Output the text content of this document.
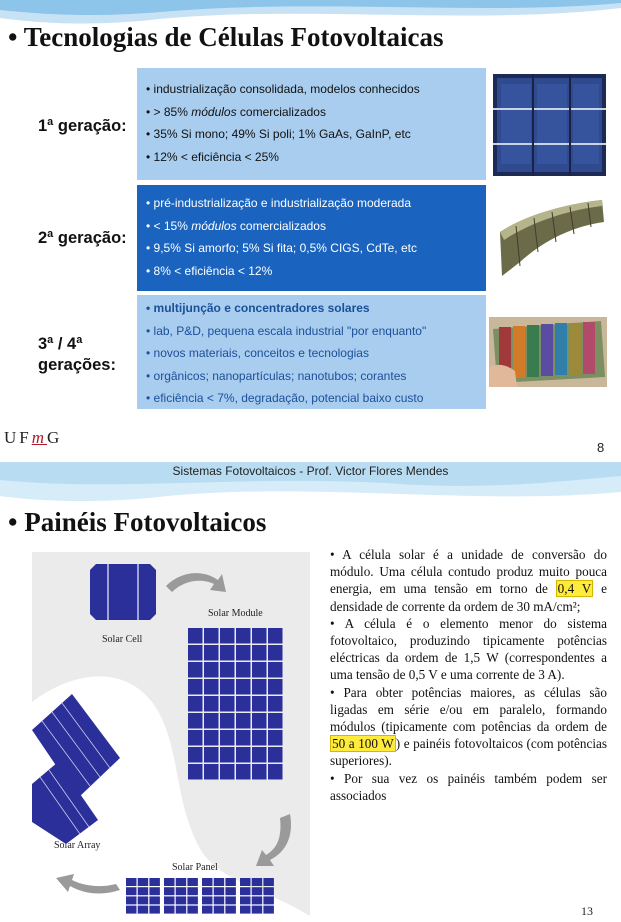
• Tecnologias de Células Fotovoltaicas
1ª geração:
• industrialização consolidada, modelos conhecidos
• > 85% módulos comercializados
• 35% Si mono; 49% Si poli; 1% GaAs, GaInP, etc
• 12% < eficiência < 25%
2ª geração:
• pré-industrialização e industrialização moderada
• < 15% módulos comercializados
• 9,5% Si amorfo; 5% Si fita; 0,5% CIGS, CdTe, etc
• 8% < eficiência < 12%
3ª / 4ª
gerações:
• multijunção e concentradores solares
• lab, P&D, pequena escala industrial "por enquanto"
• novos materiais, conceitos e tecnologias
• orgânicos; nanopartículas; nanotubos; corantes
• eficiência < 7%, degradação, potencial baixo custo
UFmG
8
Sistemas Fotovoltaicos - Prof. Victor Flores Mendes
• Painéis Fotovoltaicos
Solar Cell
Solar Module
Solar Panel
Solar Array

• A célula solar é a unidade de conversão do módulo. Uma célula contudo produz muito pouca energia, em uma tensão em torno de 0,4 V e densidade de corrente da ordem de 30 mA/cm²;

• A célula é o elemento menor do sistema fotovoltaico, produzindo tipicamente potências eléctricas da ordem de 1,5 W (correspondentes a uma tensão de 0,5 V e uma corrente de 3 A).

• Para obter potências maiores, as células são ligadas em série e/ou em paralelo, formando módulos (tipicamente com potências da ordem de 50 a 100 W ) e painéis fotovoltaicos (com potências superiores).

• Por sua vez os painéis também podem ser associados

13
